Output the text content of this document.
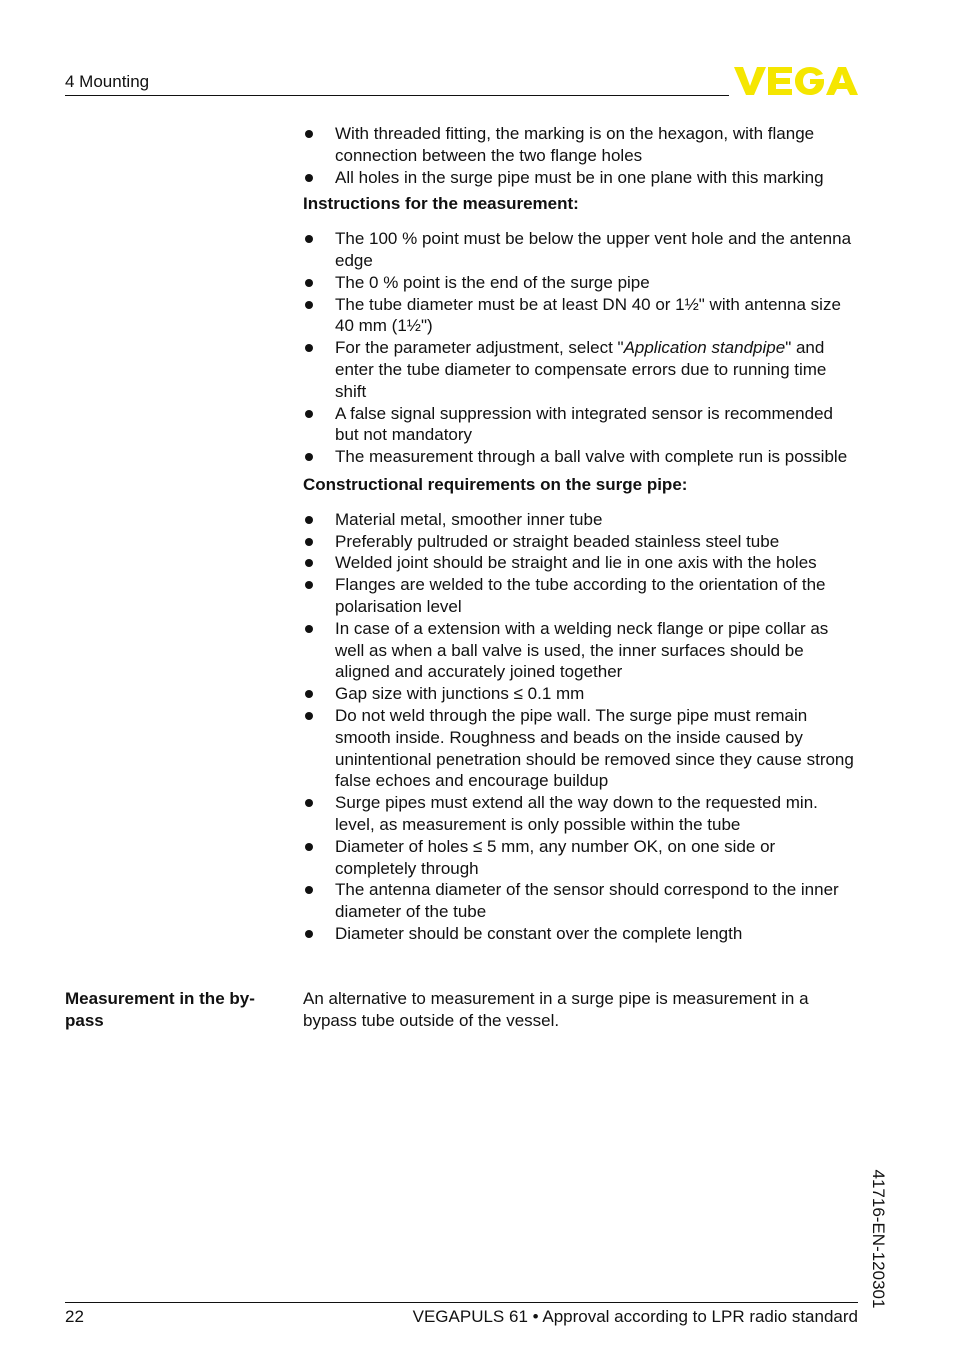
4 Mounting
With threaded fitting, the marking is on the hexagon, with flange connection between the two flange holes
All holes in the surge pipe must be in one plane with this marking
Instructions for the measurement:
The 100 % point must be below the upper vent hole and the antenna edge
The 0 % point is the end of the surge pipe
The tube diameter must be at least DN 40 or 1½" with antenna size 40 mm (1½")
For the parameter adjustment, select "Application standpipe" and enter the tube diameter to compensate errors due to running time shift
A false signal suppression with integrated sensor is recommended but not mandatory
The measurement through a ball valve with complete run is possible
Constructional requirements on the surge pipe:
Material metal, smoother inner tube
Preferably pultruded or straight beaded stainless steel tube
Welded joint should be straight and lie in one axis with the holes
Flanges are welded to the tube according to the orientation of the polarisation level
In case of a extension with a welding neck flange or pipe collar as well as when a ball valve is used, the inner surfaces should be aligned and accurately joined together
Gap size with junctions ≤ 0.1 mm
Do not weld through the pipe wall. The surge pipe must remain smooth inside. Roughness and beads on the inside caused by unintentional penetration should be removed since they cause strong false echoes and encourage buildup
Surge pipes must extend all the way down to the requested min. level, as measurement is only possible within the tube
Diameter of holes ≤ 5 mm, any number OK, on one side or completely through
The antenna diameter of the sensor should correspond to the inner diameter of the tube
Diameter should be constant over the complete length
Measurement in the by-pass
An alternative to measurement in a surge pipe is measurement in a bypass tube outside of the vessel.
41716-EN-120301
22	VEGAPULS 61 • Approval according to LPR radio standard
